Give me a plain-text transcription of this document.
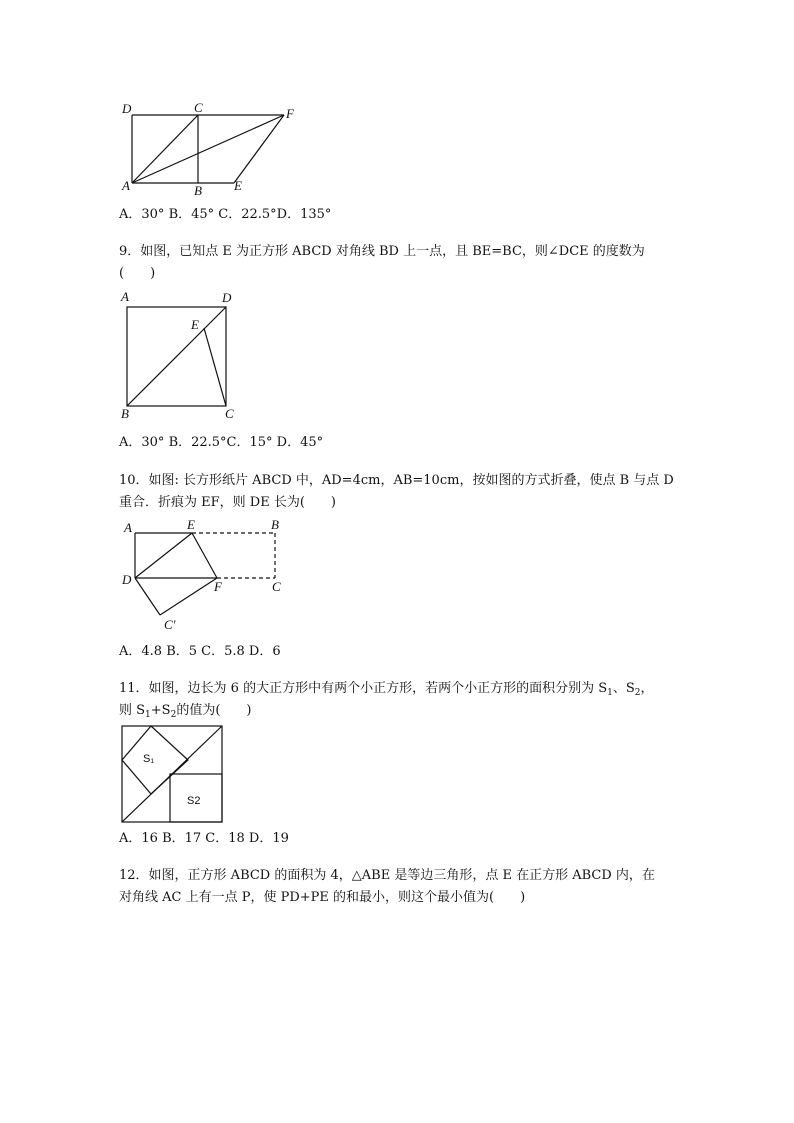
D	C	F
A	B E
A．30° B．45° C．22.5°D．135°
9．如图，已知点 E 为正方形 ABCD 对角线 BD 上一点，且 BE=BC，则∠DCE 的度数为
(　　)
A	D
E
B	C
A．30° B．22.5°C．15° D．45°
10．如图: 长方形纸片 ABCD 中，AD=4cm，AB=10cm，按如图的方式折叠，使点 B 与点 D
重合．折痕为 EF，则 DE 长为(　　)
A	E	B
D	F	C
C′
A．4.8 B．5 C．5.8 D．6
11．如图，边长为 6 的大正方形中有两个小正方形，若两个小正方形的面积分别为 $S_1$、$S_2$，
则 $S_1+S_2$的值为(　　)
S₁
S2
A．16 B．17 C．18 D．19
12．如图，正方形 ABCD 的面积为 4，△ABE 是等边三角形，点 E 在正方形 ABCD 内，在
对角线 AC 上有一点 P，使 PD+PE 的和最小，则这个最小值为(　　)
